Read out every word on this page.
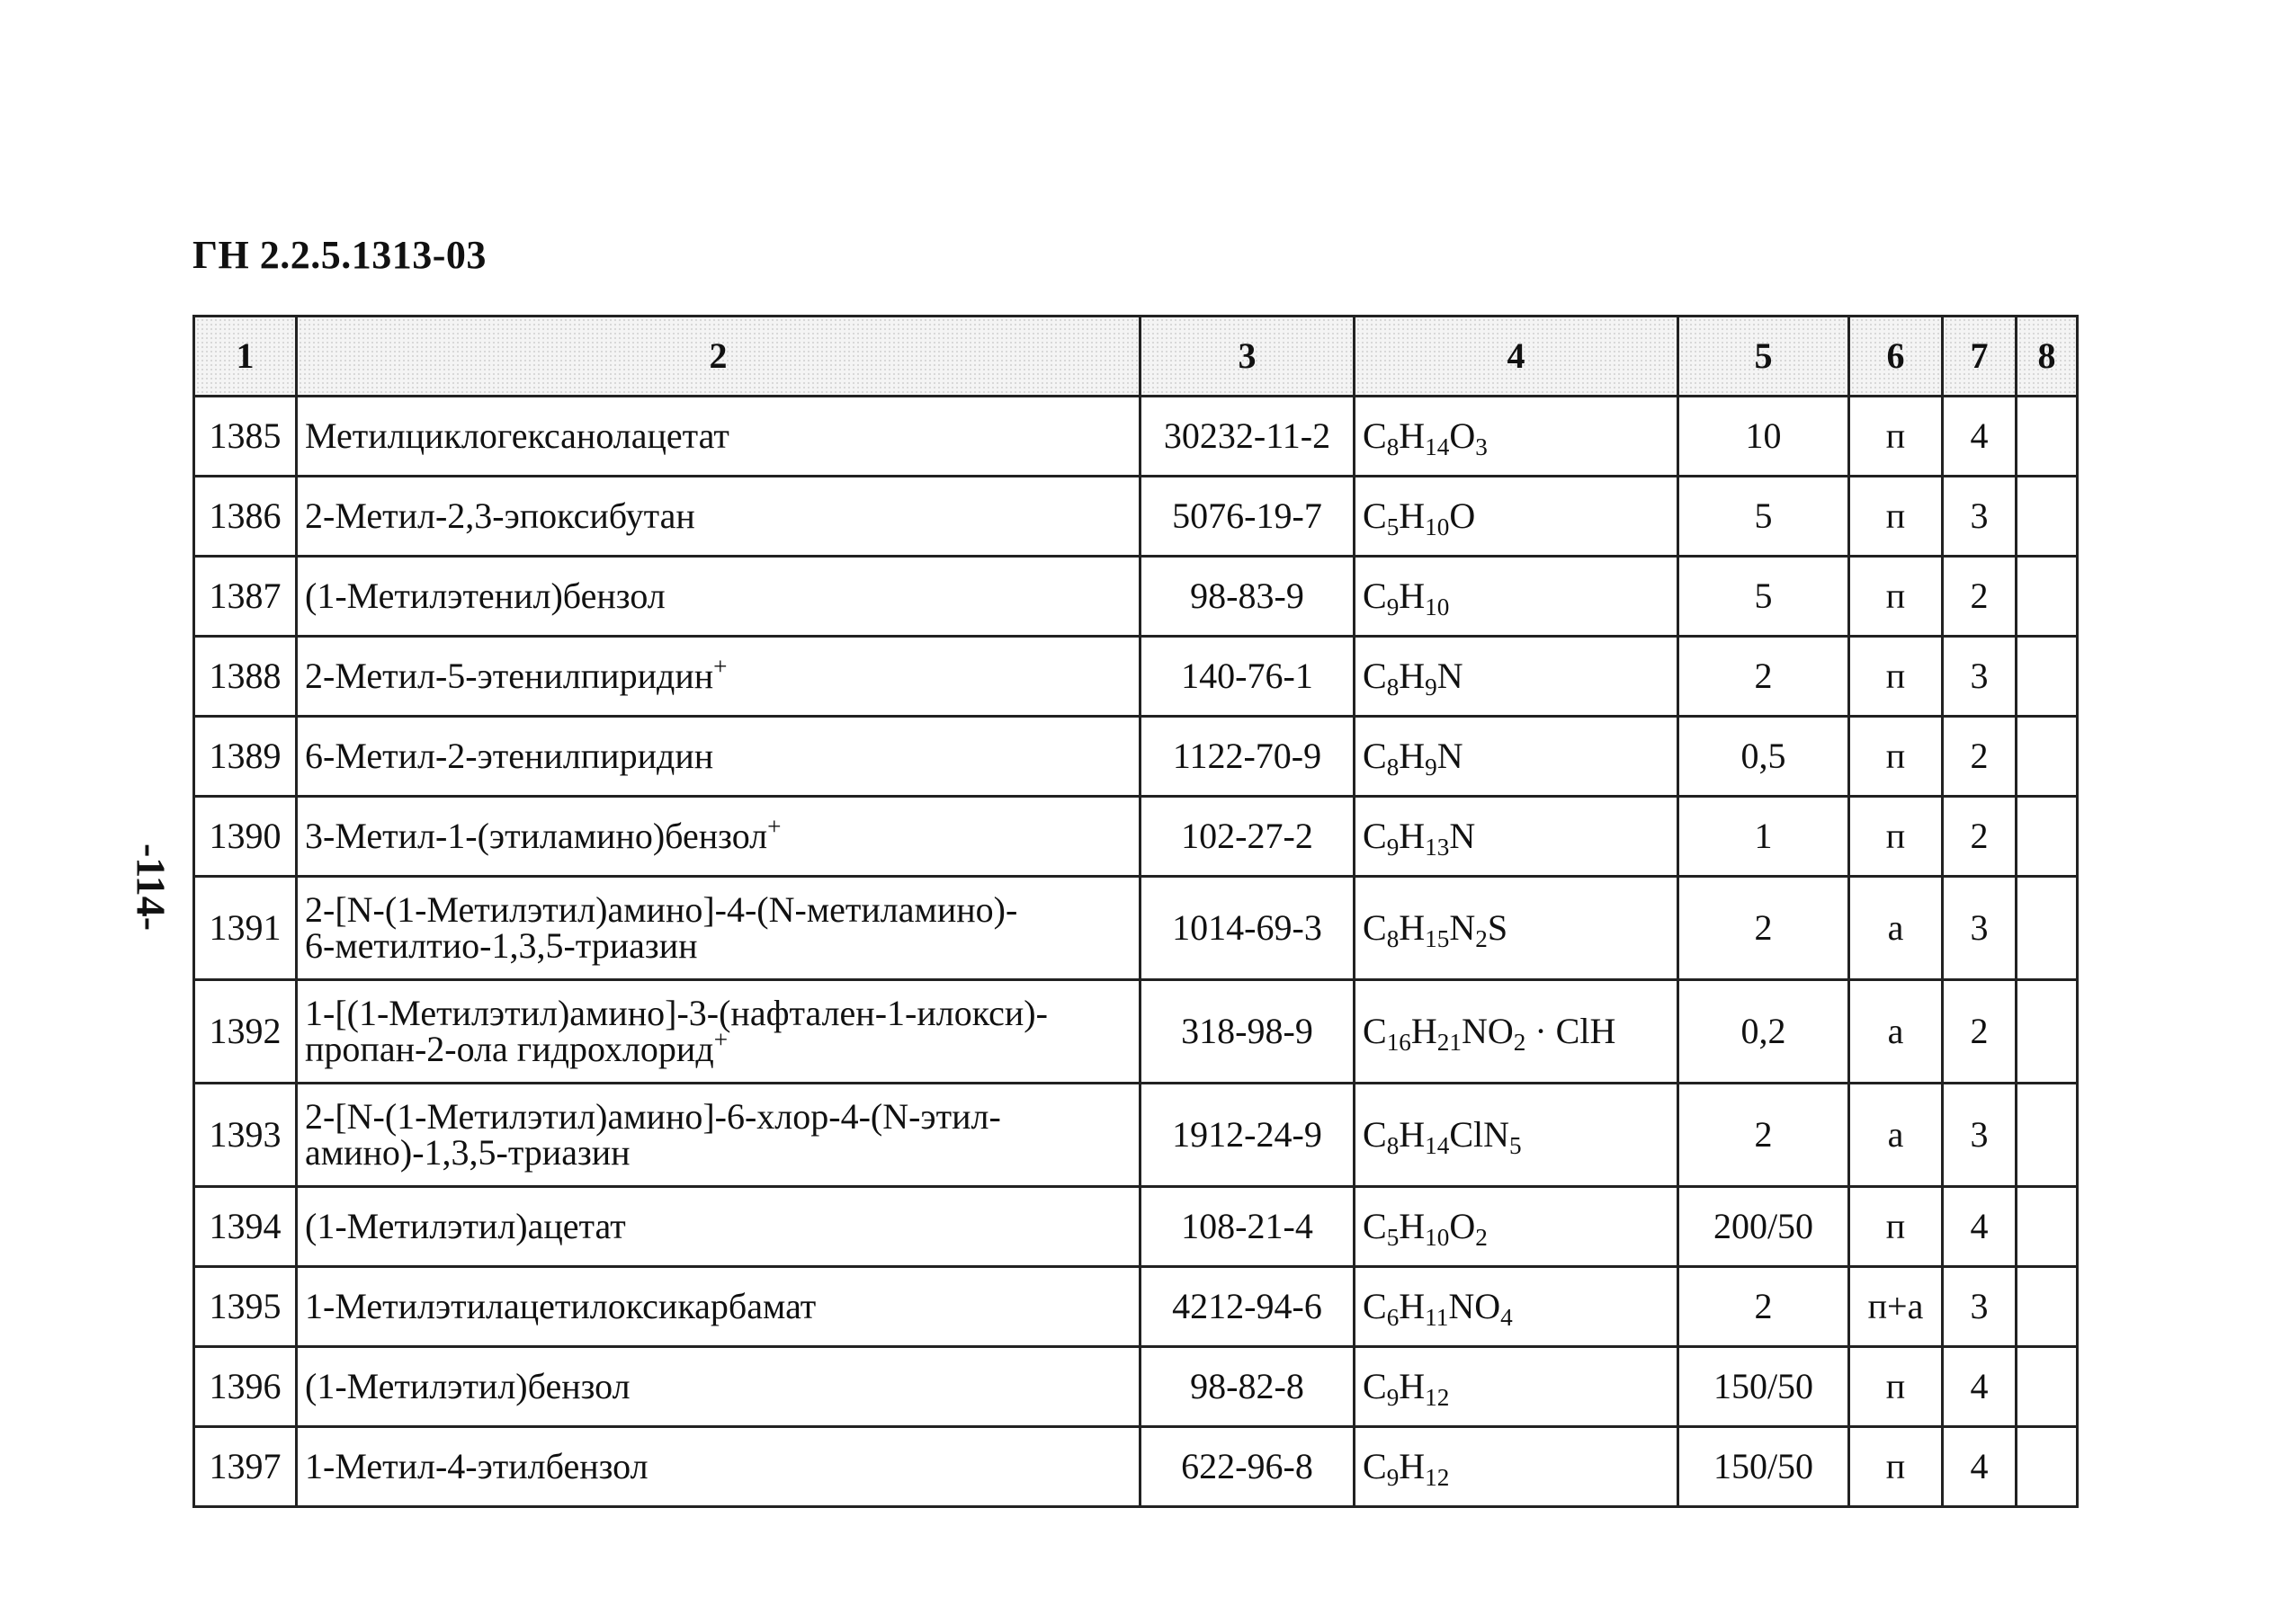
ГН 2.2.5.1313-03
-114-
1	2	3	4	5	6	7	8
1385	Метилциклогексанолацетат	30232-11-2	$C_8H_{14}O_3$	10	п	4	
1386	2-Метил-2,3-эпоксибутан	5076-19-7	$C_5H_{10}O$	5	п	3	
1387	(1-Метилэтенил)бензол	98-83-9	$C_9H_{10}$	5	п	2	
1388	2-Метил-5-этенилпиридин+	140-76-1	$C_8H_9N$	2	п	3	
1389	6-Метил-2-этенилпиридин	1122-70-9	$C_8H_9N$	0,5	п	2	
1390	3-Метил-1-(этиламино)бензол+	102-27-2	$C_9H_{13}N$	1	п	2	
1391	2-[N-(1-Метилэтил)амино]-4-(N-метиламино)-
6-метилтио-1,3,5-триазин	1014-69-3	$C_8H_{15}N_2S$	2	а	3	
1392	1-[(1-Метилэтил)амино]-3-(нафтален-1-илокси)-
пропан-2-ола гидрохлорид+	318-98-9	$C_{16}H_{21}NO_2$ · ClH	0,2	а	2	
1393	2-[N-(1-Метилэтил)амино]-6-хлор-4-(N-этил-
амино)-1,3,5-триазин	1912-24-9	$C_8H_{14}ClN_5$	2	а	3	
1394	(1-Метилэтил)ацетат	108-21-4	$C_5H_{10}O_2$	200/50	п	4	
1395	1-Метилэтилацетилоксикарбамат	4212-94-6	$C_6H_{11}NO_4$	2	п+а	3	
1396	(1-Метилэтил)бензол	98-82-8	$C_9H_{12}$	150/50	п	4	
1397	1-Метил-4-этилбензол	622-96-8	$C_9H_{12}$	150/50	п	4	
